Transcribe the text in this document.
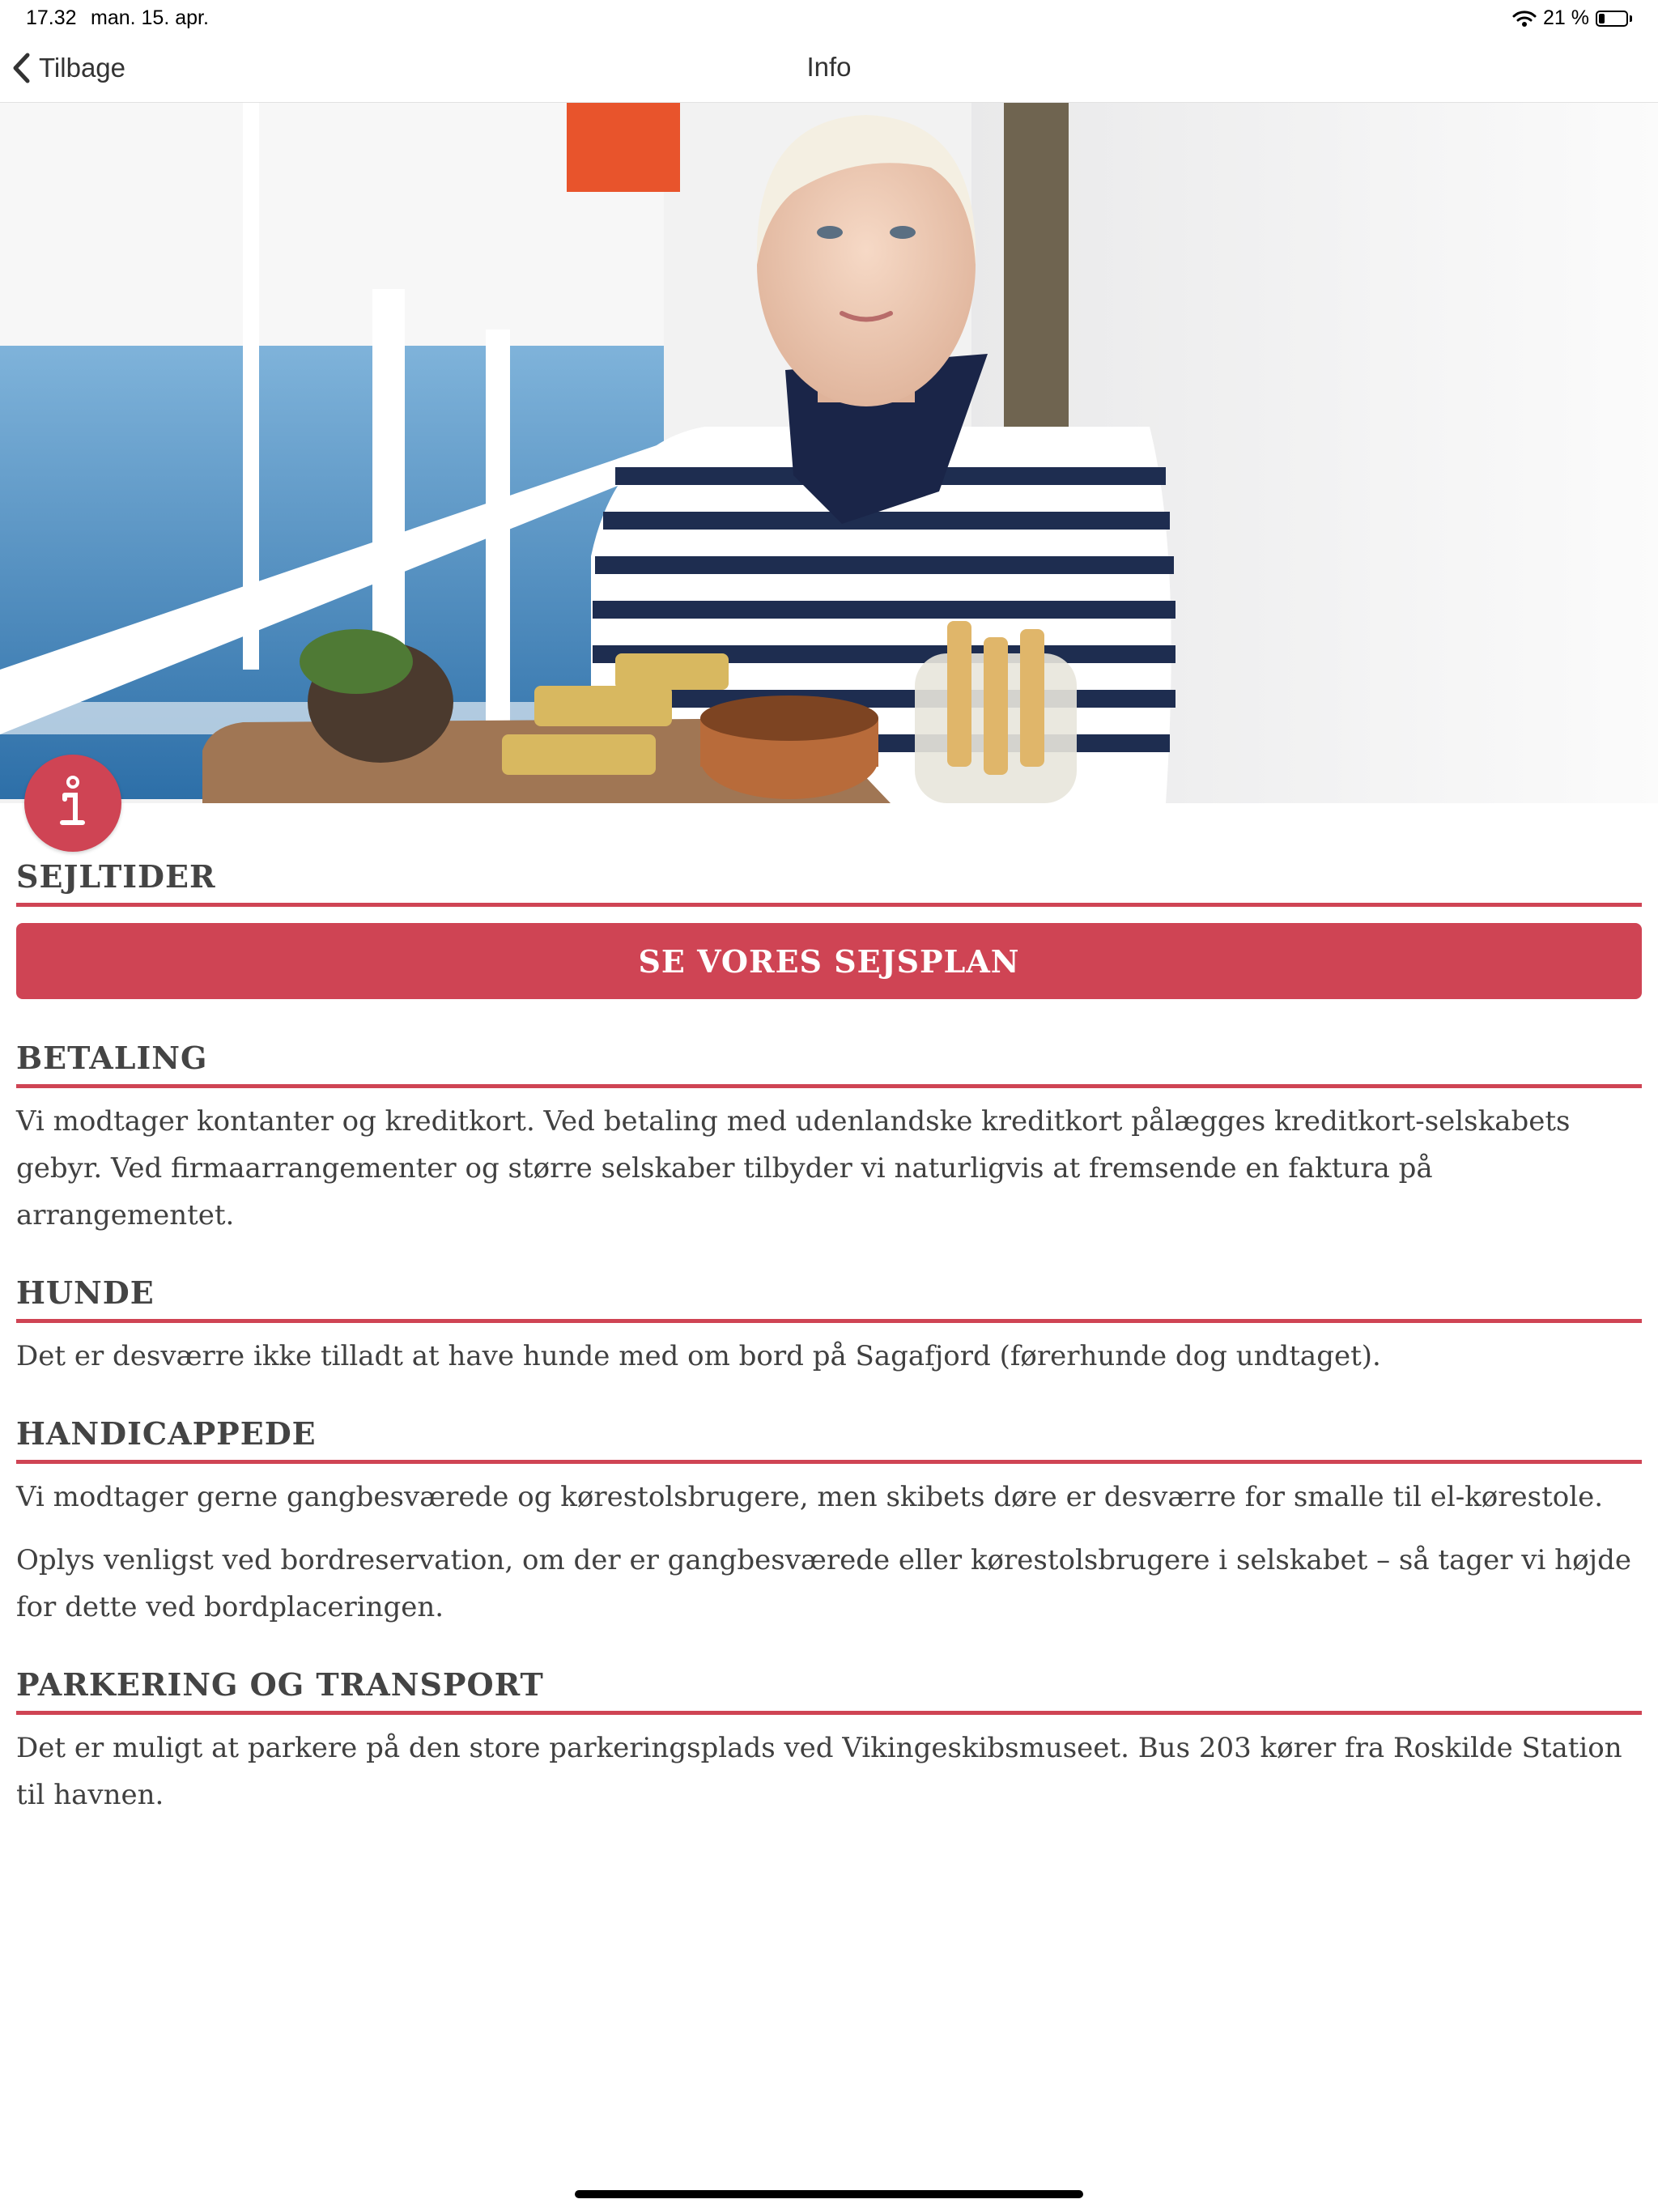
17.32 man. 15. apr.	21 %
Tilbage	Info
SEJLTIDER
SE VORES SEJSPLAN
BETALING

Vi modtager kontanter og kreditkort. Ved betaling med udenlandske kreditkort pålægges kreditkort-selskabets gebyr. Ved firmaarrangementer og større selskaber tilbyder vi naturligvis at fremsende en faktura på arrangementet.

HUNDE

Det er desværre ikke tilladt at have hunde med om bord på Sagafjord (førerhunde dog undtaget).

HANDICAPPEDE

Vi modtager gerne gangbesværede og kørestolsbrugere, men skibets døre er desværre for smalle til el-kørestole.

Oplys venligst ved bordreservation, om der er gangbesværede eller kørestolsbrugere i selskabet – så tager vi højde for dette ved bordplaceringen.

PARKERING OG TRANSPORT

Det er muligt at parkere på den store parkeringsplads ved Vikingeskibsmuseet. Bus 203 kører fra Roskilde Station til havnen.
